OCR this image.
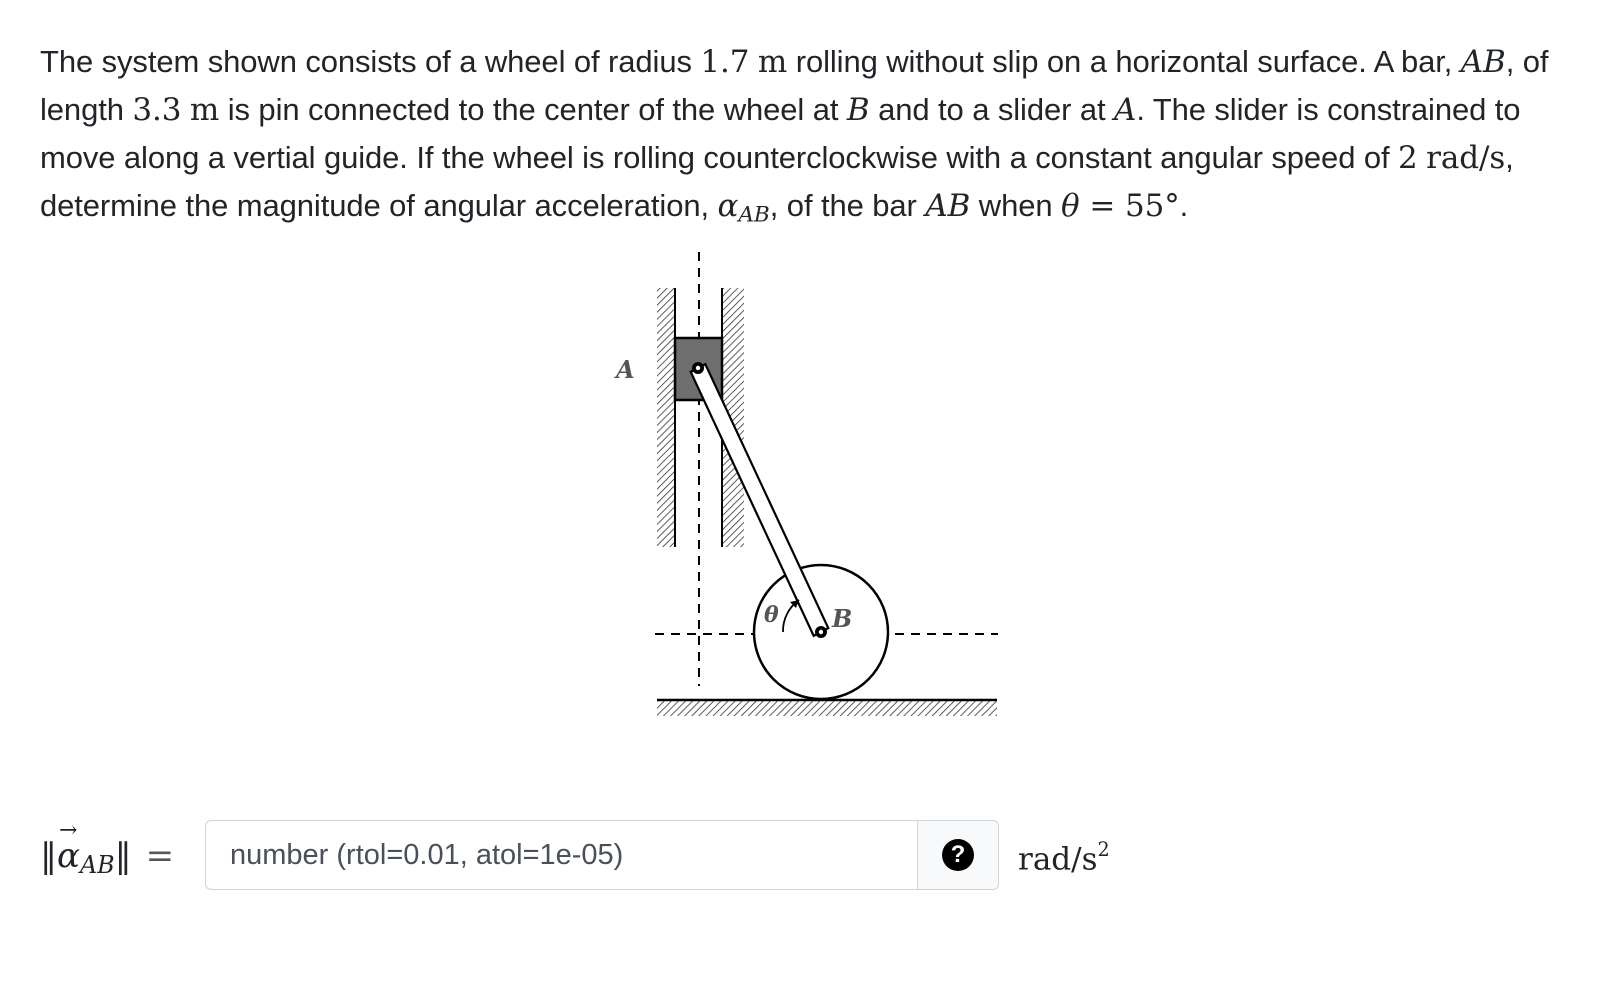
The system shown consists of a wheel of radius 1.7 m rolling without slip on a horizontal surface. A bar, AB, of length 3.3 m is pin connected to the center of the wheel at B and to a slider at A. The slider is constrained to move along a vertial guide. If the wheel is rolling counterclockwise with a constant angular speed of 2 rad/s, determine the magnitude of angular acceleration, $\alpha_{AB}$, of the bar AB when θ = 55°.

A
B
θ
‖→ $\alpha_{AB}‖$ =
number (rtol=0.01, atol=1e-05)	? rad/$s^2$
